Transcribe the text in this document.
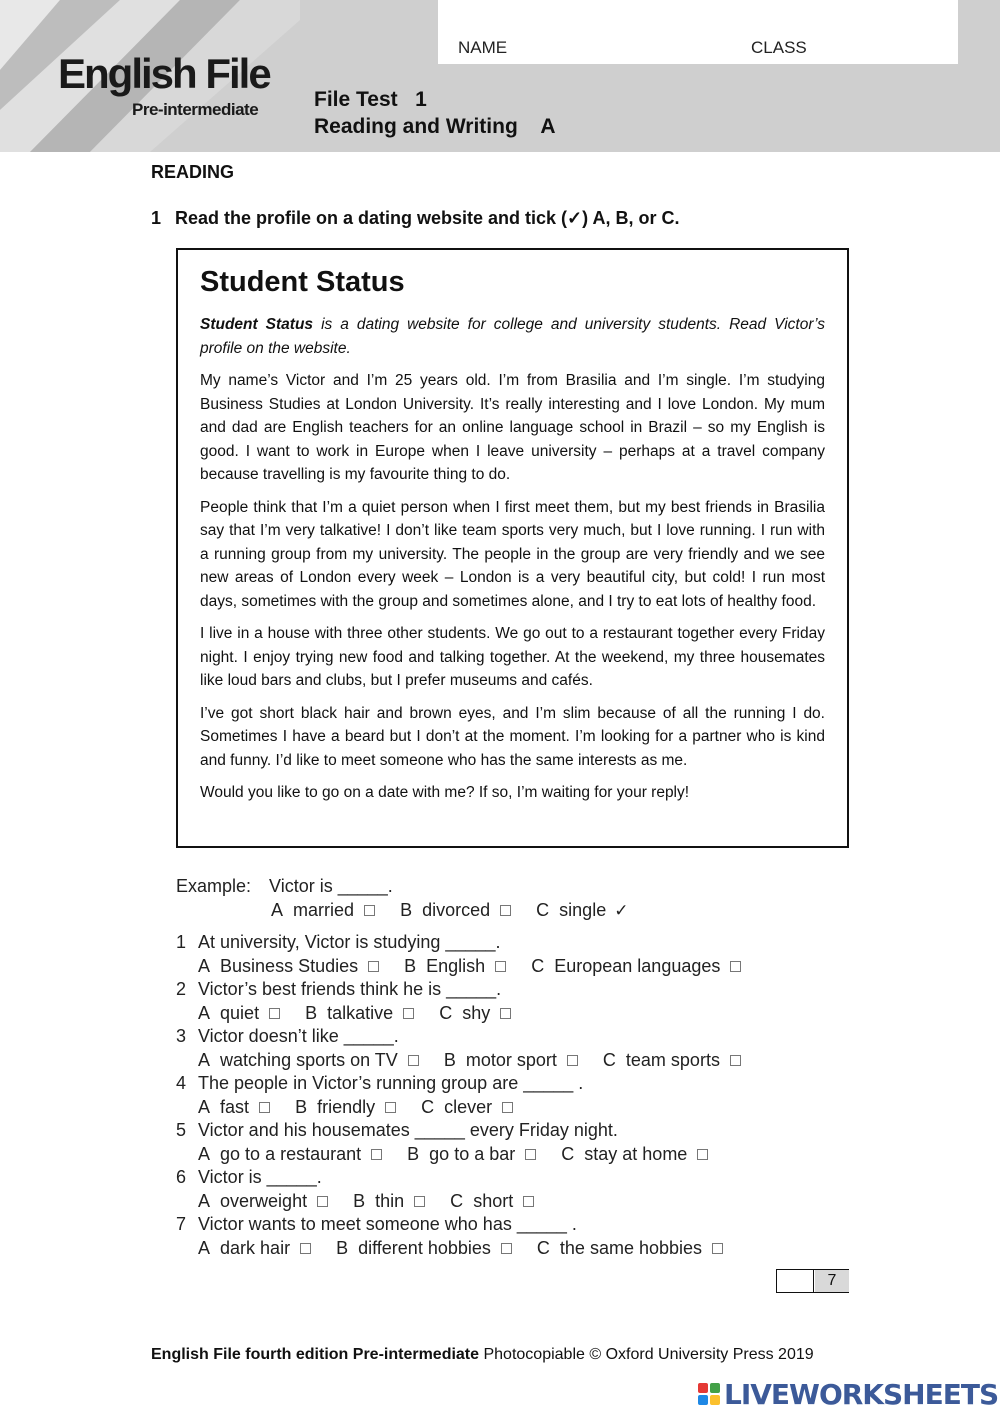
English File
Pre-intermediate
NAME	CLASS
File Test   1
Reading and Writing    A
READING
1 Read the profile on a dating website and tick (✓) A, B, or C.
Student Status

Student Status is a dating website for college and university students. Read Victor’s profile on the website.

My name’s Victor and I’m 25 years old. I’m from Brasilia and I’m single. I’m studying Business Studies at London University. It’s really interesting and I love London. My mum and dad are English teachers for an online language school in Brazil – so my English is good. I want to work in Europe when I leave university – perhaps at a travel company because travelling is my favourite thing to do.

People think that I’m a quiet person when I first meet them, but my best friends in Brasilia say that I’m very talkative! I don’t like team sports very much, but I love running. I run with a running group from my university. The people in the group are very friendly and we see new areas of London every week – London is a very beautiful city, but cold! I run most days, sometimes with the group and sometimes alone, and I try to eat lots of healthy food.

I live in a house with three other students. We go out to a restaurant together every Friday night. I enjoy trying new food and talking together. At the weekend, my three housemates like loud bars and clubs, but I prefer museums and cafés.

I’ve got short black hair and brown eyes, and I’m slim because of all the running I do. Sometimes I have a beard but I don’t at the moment. I’m looking for a partner who is kind and funny. I’d like to meet someone who has the same interests as me.

Would you like to go on a date with me? If so, I’m waiting for your reply!

Example: Victor is _____.
A married	B divorced	C single ✓
1 At university, Victor is studying _____.
A Business Studies	B English	C European languages
2 Victor’s best friends think he is _____.
A quiet	B talkative	C shy
3 Victor doesn’t like _____.
A watching sports on TV	B motor sport	C team sports
4 The people in Victor’s running group are _____ .
A fast	B friendly	C clever
5 Victor and his housemates _____ every Friday night.
A go to a restaurant	B go to a bar	C stay at home
6 Victor is _____.
A overweight	B thin	C short
7 Victor wants to meet someone who has _____ .
A dark hair	B different hobbies	C the same hobbies
7
English File fourth edition Pre-intermediate Photocopiable © Oxford University Press 2019
LIVEWORKSHEETS
